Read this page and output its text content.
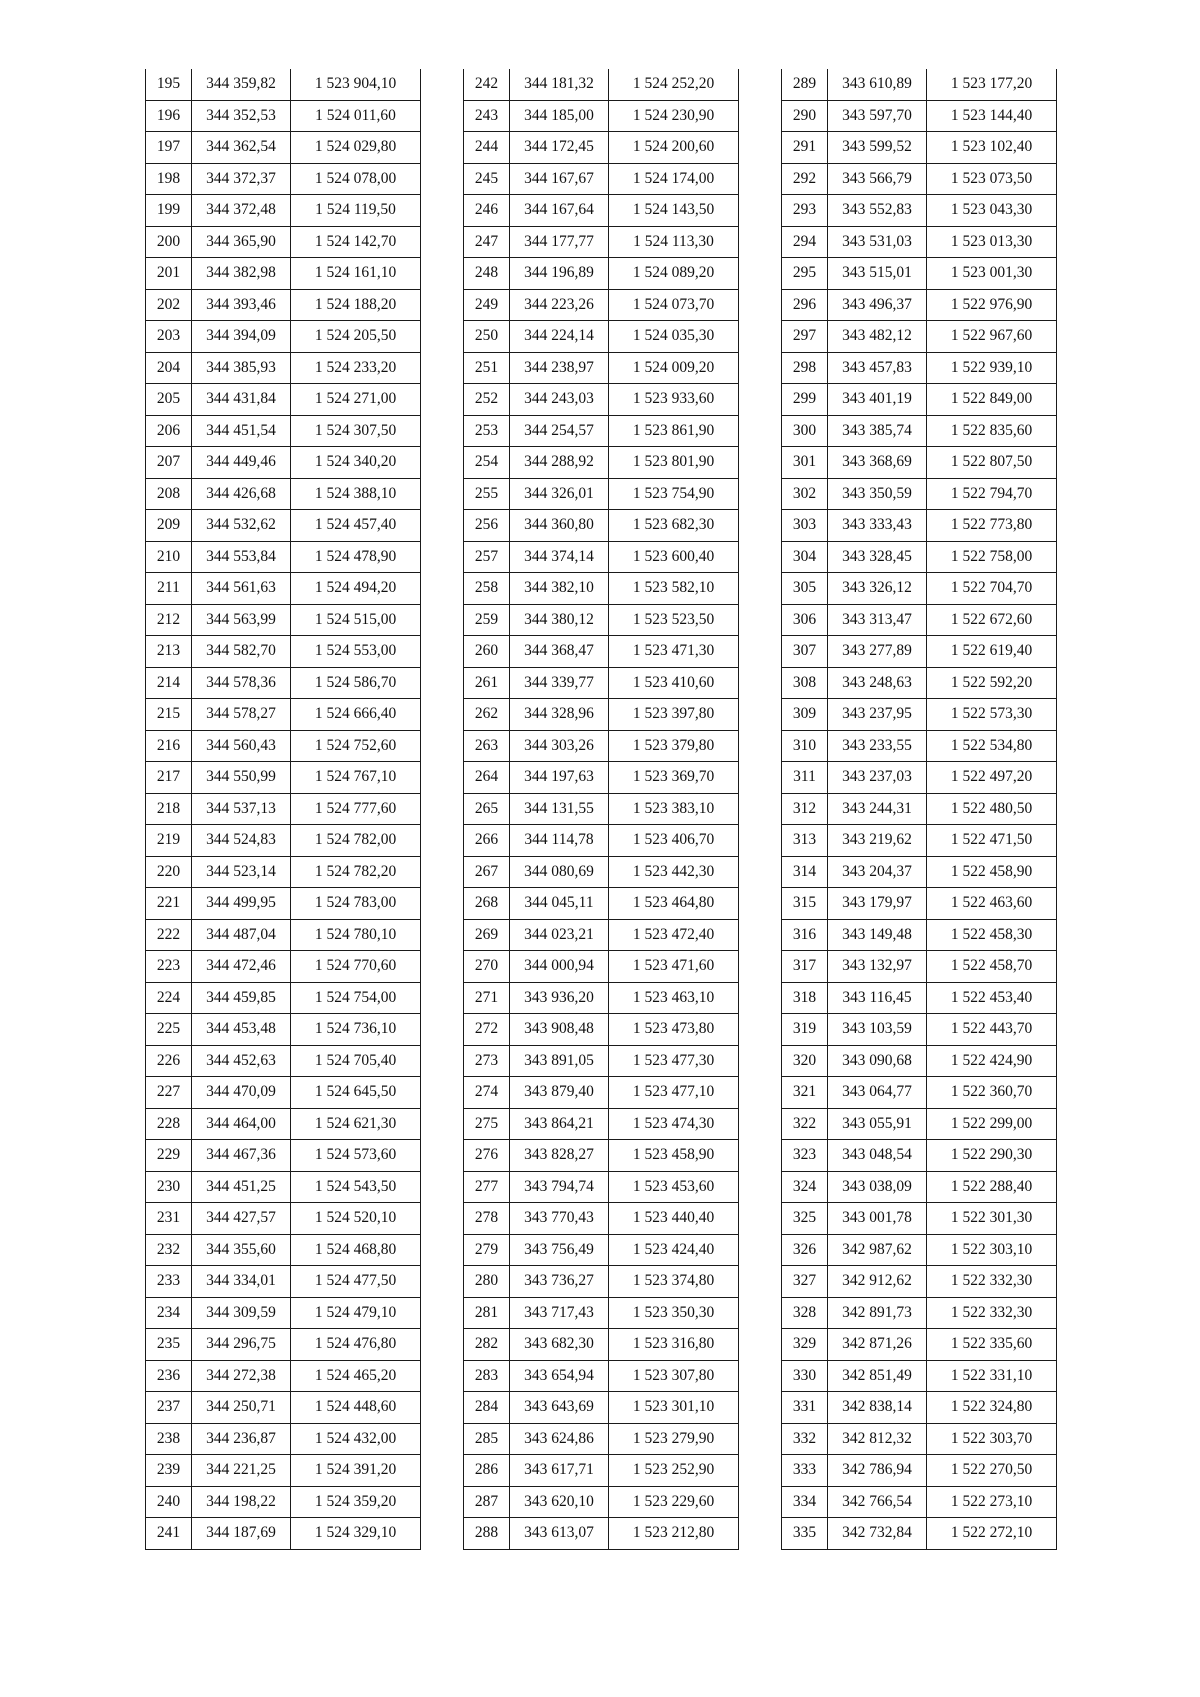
195	344 359,82	1 523 904,10
196	344 352,53	1 524 011,60
197	344 362,54	1 524 029,80
198	344 372,37	1 524 078,00
199	344 372,48	1 524 119,50
200	344 365,90	1 524 142,70
201	344 382,98	1 524 161,10
202	344 393,46	1 524 188,20
203	344 394,09	1 524 205,50
204	344 385,93	1 524 233,20
205	344 431,84	1 524 271,00
206	344 451,54	1 524 307,50
207	344 449,46	1 524 340,20
208	344 426,68	1 524 388,10
209	344 532,62	1 524 457,40
210	344 553,84	1 524 478,90
211	344 561,63	1 524 494,20
212	344 563,99	1 524 515,00
213	344 582,70	1 524 553,00
214	344 578,36	1 524 586,70
215	344 578,27	1 524 666,40
216	344 560,43	1 524 752,60
217	344 550,99	1 524 767,10
218	344 537,13	1 524 777,60
219	344 524,83	1 524 782,00
220	344 523,14	1 524 782,20
221	344 499,95	1 524 783,00
222	344 487,04	1 524 780,10
223	344 472,46	1 524 770,60
224	344 459,85	1 524 754,00
225	344 453,48	1 524 736,10
226	344 452,63	1 524 705,40
227	344 470,09	1 524 645,50
228	344 464,00	1 524 621,30
229	344 467,36	1 524 573,60
230	344 451,25	1 524 543,50
231	344 427,57	1 524 520,10
232	344 355,60	1 524 468,80
233	344 334,01	1 524 477,50
234	344 309,59	1 524 479,10
235	344 296,75	1 524 476,80
236	344 272,38	1 524 465,20
237	344 250,71	1 524 448,60
238	344 236,87	1 524 432,00
239	344 221,25	1 524 391,20
240	344 198,22	1 524 359,20
241	344 187,69	1 524 329,10
242	344 181,32	1 524 252,20
243	344 185,00	1 524 230,90
244	344 172,45	1 524 200,60
245	344 167,67	1 524 174,00
246	344 167,64	1 524 143,50
247	344 177,77	1 524 113,30
248	344 196,89	1 524 089,20
249	344 223,26	1 524 073,70
250	344 224,14	1 524 035,30
251	344 238,97	1 524 009,20
252	344 243,03	1 523 933,60
253	344 254,57	1 523 861,90
254	344 288,92	1 523 801,90
255	344 326,01	1 523 754,90
256	344 360,80	1 523 682,30
257	344 374,14	1 523 600,40
258	344 382,10	1 523 582,10
259	344 380,12	1 523 523,50
260	344 368,47	1 523 471,30
261	344 339,77	1 523 410,60
262	344 328,96	1 523 397,80
263	344 303,26	1 523 379,80
264	344 197,63	1 523 369,70
265	344 131,55	1 523 383,10
266	344 114,78	1 523 406,70
267	344 080,69	1 523 442,30
268	344 045,11	1 523 464,80
269	344 023,21	1 523 472,40
270	344 000,94	1 523 471,60
271	343 936,20	1 523 463,10
272	343 908,48	1 523 473,80
273	343 891,05	1 523 477,30
274	343 879,40	1 523 477,10
275	343 864,21	1 523 474,30
276	343 828,27	1 523 458,90
277	343 794,74	1 523 453,60
278	343 770,43	1 523 440,40
279	343 756,49	1 523 424,40
280	343 736,27	1 523 374,80
281	343 717,43	1 523 350,30
282	343 682,30	1 523 316,80
283	343 654,94	1 523 307,80
284	343 643,69	1 523 301,10
285	343 624,86	1 523 279,90
286	343 617,71	1 523 252,90
287	343 620,10	1 523 229,60
288	343 613,07	1 523 212,80
289	343 610,89	1 523 177,20
290	343 597,70	1 523 144,40
291	343 599,52	1 523 102,40
292	343 566,79	1 523 073,50
293	343 552,83	1 523 043,30
294	343 531,03	1 523 013,30
295	343 515,01	1 523 001,30
296	343 496,37	1 522 976,90
297	343 482,12	1 522 967,60
298	343 457,83	1 522 939,10
299	343 401,19	1 522 849,00
300	343 385,74	1 522 835,60
301	343 368,69	1 522 807,50
302	343 350,59	1 522 794,70
303	343 333,43	1 522 773,80
304	343 328,45	1 522 758,00
305	343 326,12	1 522 704,70
306	343 313,47	1 522 672,60
307	343 277,89	1 522 619,40
308	343 248,63	1 522 592,20
309	343 237,95	1 522 573,30
310	343 233,55	1 522 534,80
311	343 237,03	1 522 497,20
312	343 244,31	1 522 480,50
313	343 219,62	1 522 471,50
314	343 204,37	1 522 458,90
315	343 179,97	1 522 463,60
316	343 149,48	1 522 458,30
317	343 132,97	1 522 458,70
318	343 116,45	1 522 453,40
319	343 103,59	1 522 443,70
320	343 090,68	1 522 424,90
321	343 064,77	1 522 360,70
322	343 055,91	1 522 299,00
323	343 048,54	1 522 290,30
324	343 038,09	1 522 288,40
325	343 001,78	1 522 301,30
326	342 987,62	1 522 303,10
327	342 912,62	1 522 332,30
328	342 891,73	1 522 332,30
329	342 871,26	1 522 335,60
330	342 851,49	1 522 331,10
331	342 838,14	1 522 324,80
332	342 812,32	1 522 303,70
333	342 786,94	1 522 270,50
334	342 766,54	1 522 273,10
335	342 732,84	1 522 272,10
